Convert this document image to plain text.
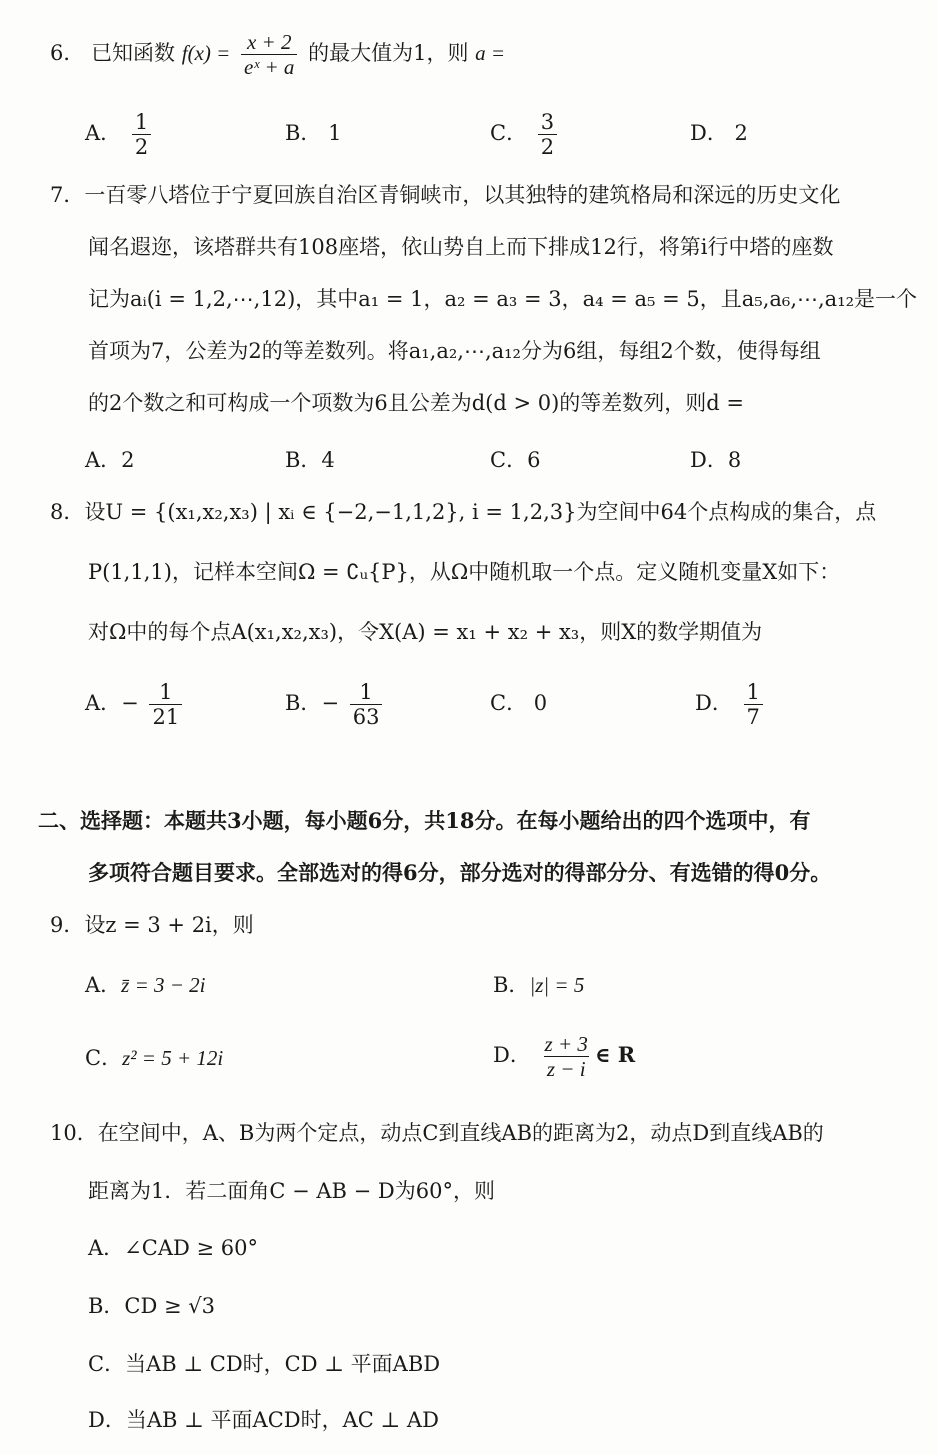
6． 已知函数 $f(x) = \frac{x + 2}{\text{eˣ + a}}$ 的最大值为1，则 a =
A． $\frac{1}{2}$	B． 1	C． $\frac{3}{2}$	D． 2
7．一百零八塔位于宁夏回族自治区青铜峡市，以其独特的建筑格局和深远的历史文化
闻名遐迩，该塔群共有108座塔，依山势自上而下排成12行，将第i行中塔的座数
记为aᵢ(i = 1,2,⋯,12)，其中a₁ = 1，a₂ = a₃ = 3，a₄ = a₅ = 5，且a₅,a₆,⋯,a₁₂是一个
首项为7，公差为2的等差数列。将a₁,a₂,⋯,a₁₂分为6组，每组2个数，使得每组
的2个数之和可构成一个项数为6且公差为d(d > 0)的等差数列，则d =
A．2	B．4	C．6	D．8
8．设U = {(x₁,x₂,x₃) | xᵢ ∈ {−2,−1,1,2}, i = 1,2,3}为空间中64个点构成的集合，点
P(1,1,1)，记样本空间Ω = ∁ᵤ{P}，从Ω中随机取一个点。定义随机变量X如下：
对Ω中的每个点A(x₁,x₂,x₃)，令X(A) = x₁ + x₂ + x₃，则X的数学期值为
A．− $\frac{1}{21}$	B．− $\frac{1}{63}$	C． 0	D． $\frac{1}{7}$
二、选择题：本题共3小题，每小题6分，共18分。在每小题给出的四个选项中，有
多项符合题目要求。全部选对的得6分，部分选对的得部分分、有选错的得0分。
9．设z = 3 + 2i，则
A．z̄ = 3 − 2i	B．|z| = 5
C．z² = 5 + 12i	D． $\frac{z + 3}{z - i}$ ∈ R
10．在空间中，A、B为两个定点，动点C到直线AB的距离为2，动点D到直线AB的
距离为1．若二面角C − AB − D为60°，则
A．∠CAD ≥ 60°
B．CD ≥ √3
C．当AB ⊥ CD时，CD ⊥ 平面ABD
D．当AB ⊥ 平面ACD时，AC ⊥ AD
